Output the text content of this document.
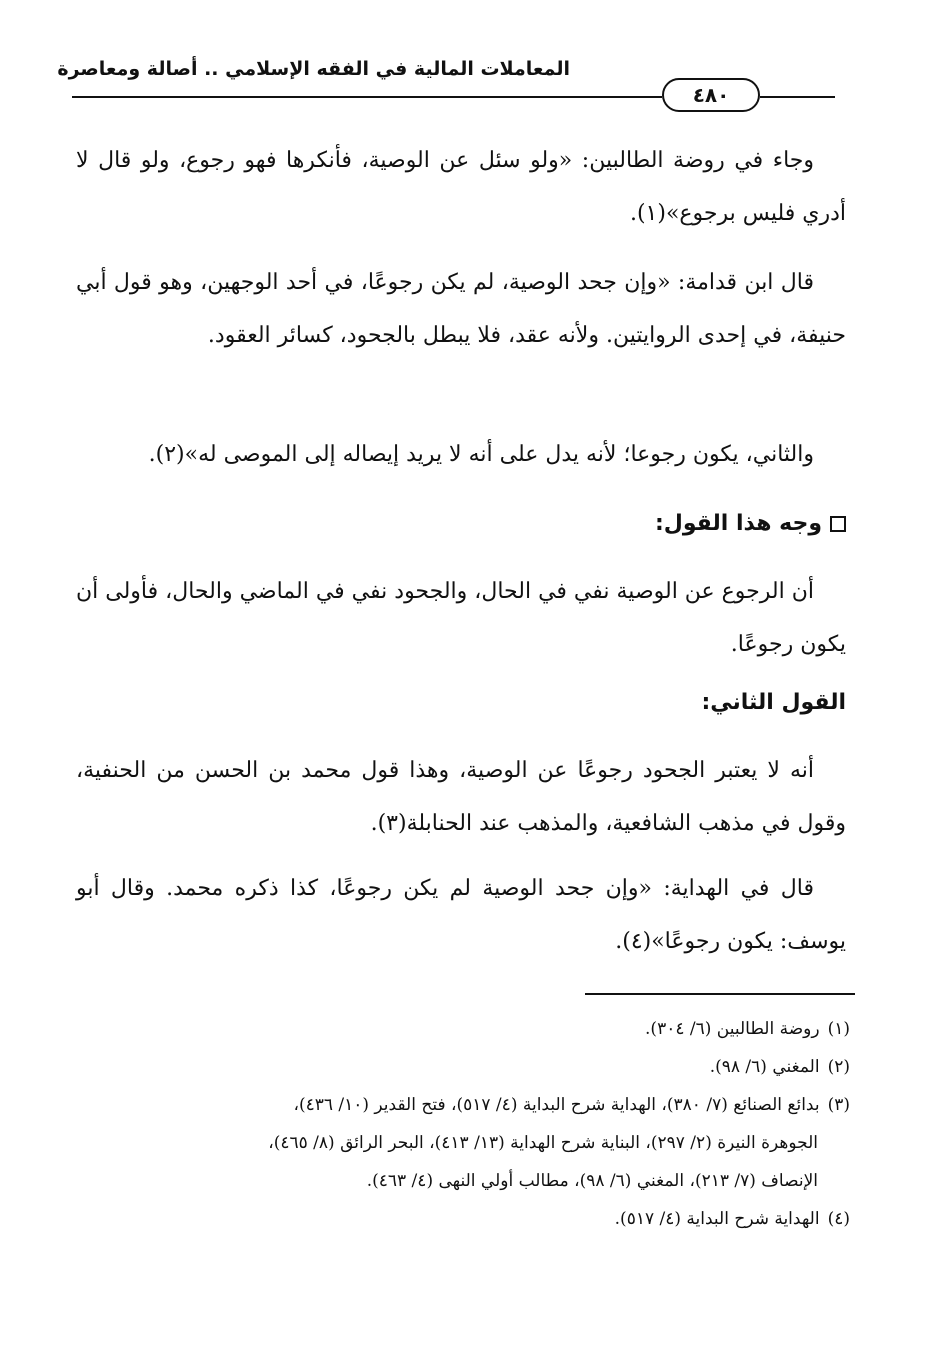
المعاملات المالية في الفقه الإسلامي .. أصالة ومعاصرة
٤٨٠

وجاء في روضة الطالبين: «ولو سئل عن الوصية، فأنكرها فهو رجوع، ولو قال لا أدري فليس برجوع»(١).

قال ابن قدامة: «وإن جحد الوصية، لم يكن رجوعًا، في أحد الوجهين، وهو قول أبي حنيفة، في إحدى الروايتين. ولأنه عقد، فلا يبطل بالجحود، كسائر العقود.

والثاني، يكون رجوعا؛ لأنه يدل على أنه لا يريد إيصاله إلى الموصى له»(٢).

وجه هذا القول:

أن الرجوع عن الوصية نفي في الحال، والجحود نفي في الماضي والحال، فأولى أن يكون رجوعًا.

القول الثاني:

أنه لا يعتبر الجحود رجوعًا عن الوصية، وهذا قول محمد بن الحسن من الحنفية، وقول في مذهب الشافعية، والمذهب عند الحنابلة(٣).

قال في الهداية: «وإن جحد الوصية لم يكن رجوعًا، كذا ذكره محمد. وقال أبو يوسف: يكون رجوعًا»(٤).

(١)روضة الطالبين (٦/ ٣٠٤).

(٢)المغني (٦/ ٩٨).

(٣)بدائع الصنائع (٧/ ٣٨٠)، الهداية شرح البداية (٤/ ٥١٧)، فتح القدير (١٠/ ٤٣٦)،
الجوهرة النيرة (٢/ ٢٩٧)، البناية شرح الهداية (١٣/ ٤١٣)، البحر الرائق (٨/ ٤٦٥)،
الإنصاف (٧/ ٢١٣)، المغني (٦/ ٩٨)، مطالب أولي النهى (٤/ ٤٦٣).

(٤)الهداية شرح البداية (٤/ ٥١٧).
